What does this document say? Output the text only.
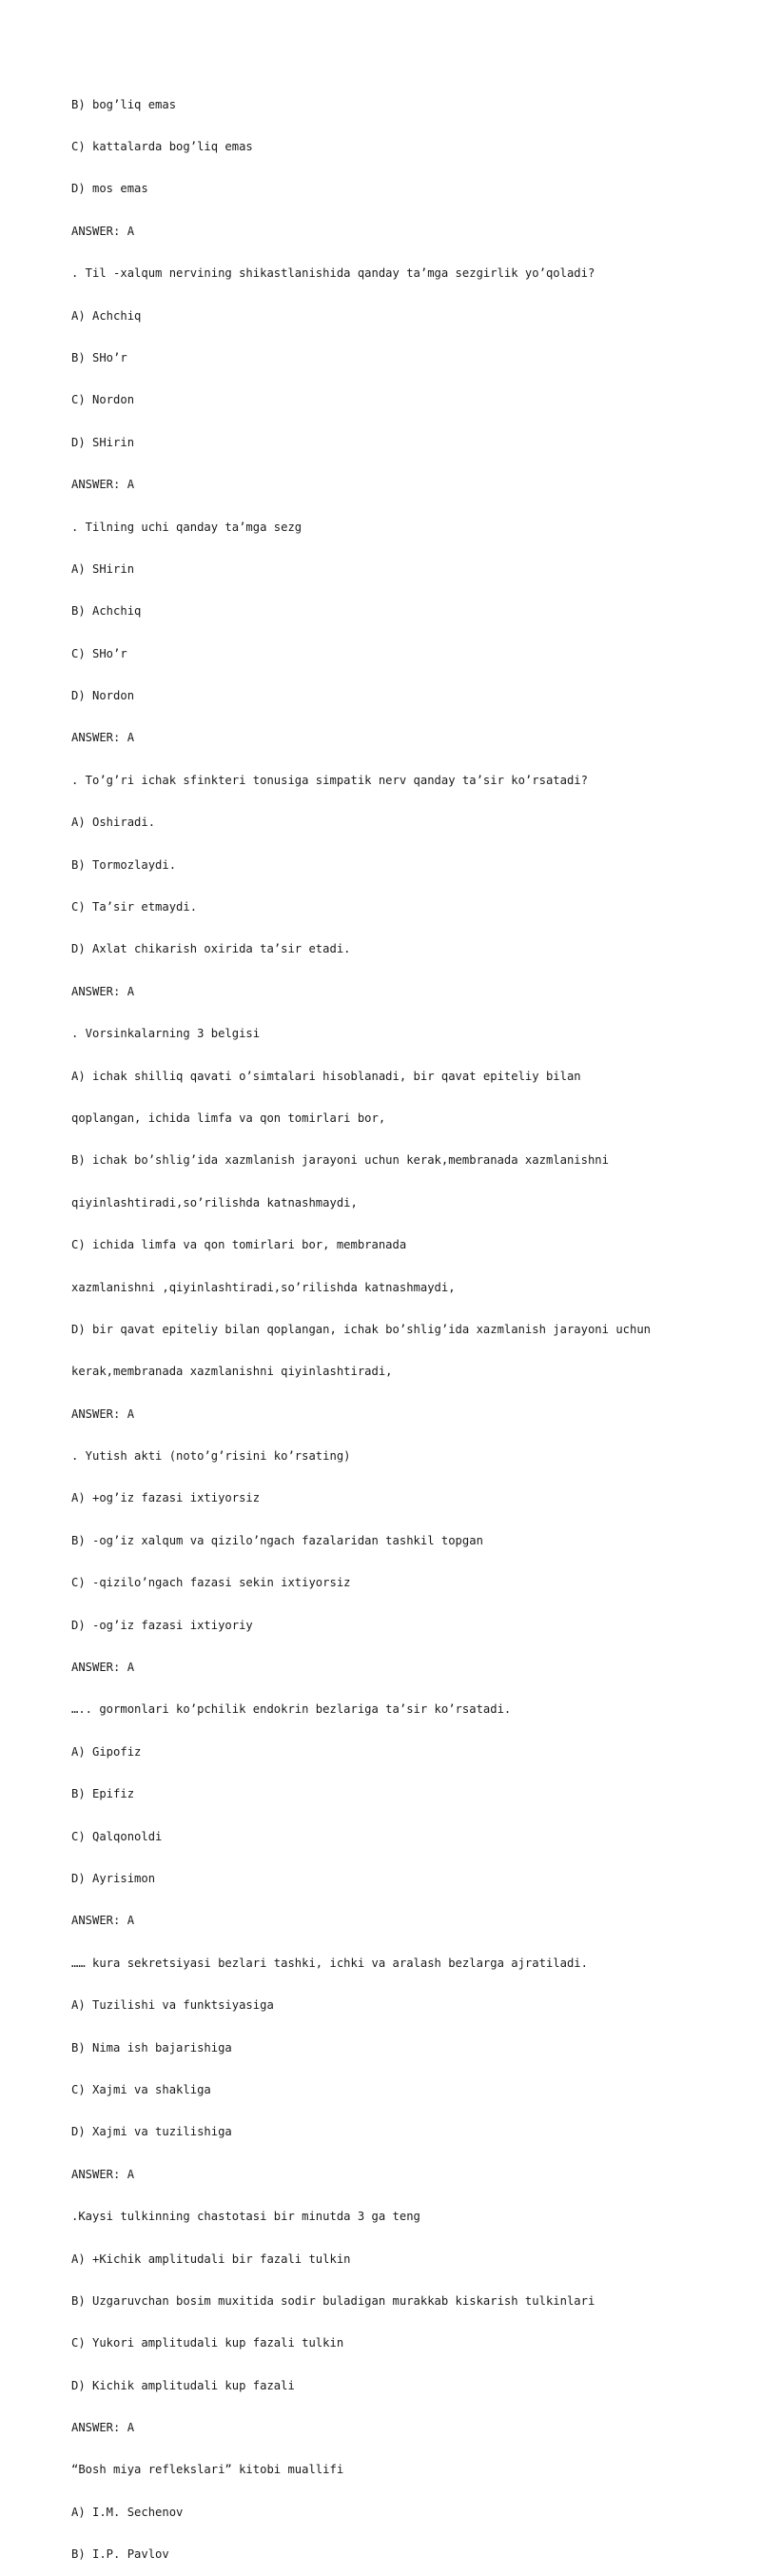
B) bog’liq emas

C) kattalarda bog’liq emas

D) mos emas

ANSWER: A

. Til -xalqum nervining shikastlanishida qanday ta’mga sezgirlik yo’qoladi?

A) Achchiq

B) SHo’r

C) Nordon

D) SHirin

ANSWER: A

. Tilning uchi qanday ta’mga sezg

A) SHirin

B) Achchiq

C) SHo’r

D) Nordon

ANSWER: A

. To’g’ri ichak sfinkteri tonusiga simpatik nerv qanday ta’sir ko’rsatadi?

A) Oshiradi.

B) Tormozlaydi.

C) Ta’sir etmaydi.

D) Axlat chikarish oxirida ta’sir etadi.

ANSWER: A

. Vorsinkalarning 3 belgisi

A) ichak shilliq qavati o’simtalari hisoblanadi, bir qavat epiteliy bilan

qoplangan, ichida limfa va qon tomirlari bor,

B) ichak bo’shlig’ida xazmlanish jarayoni uchun kerak,membranada xazmlanishni

qiyinlashtiradi,so’rilishda katnashmaydi,

C) ichida limfa va qon tomirlari bor, membranada

xazmlanishni ,qiyinlashtiradi,so’rilishda katnashmaydi,

D) bir qavat epiteliy bilan qoplangan, ichak bo’shlig’ida xazmlanish jarayoni uchun

kerak,membranada xazmlanishni qiyinlashtiradi,

ANSWER: A

. Yutish akti (noto’g’risini ko’rsating)

A) +og’iz fazasi ixtiyorsiz

B) -og’iz xalqum va qizilo’ngach fazalaridan tashkil topgan

C) -qizilo’ngach fazasi sekin ixtiyorsiz

D) -og’iz fazasi ixtiyoriy

ANSWER: A

….. gormonlari ko’pchilik endokrin bezlariga ta’sir ko’rsatadi.

A) Gipofiz

B) Epifiz

C) Qalqonoldi

D) Ayrisimon

ANSWER: A

…… kura sekretsiyasi bezlari tashki, ichki va aralash bezlarga ajratiladi.

A) Tuzilishi va funktsiyasiga

B) Nima ish bajarishiga

C) Xajmi va shakliga

D) Xajmi va tuzilishiga

ANSWER: A

.Kaysi tulkinning chastotasi bir minutda 3 ga teng

A) +Kichik amplitudali bir fazali tulkin

B) Uzgaruvchan bosim muxitida sodir buladigan murakkab kiskarish tulkinlari

C) Yukori amplitudali kup fazali tulkin

D) Kichik amplitudali kup fazali

ANSWER: A

“Bosh miya reflekslari” kitobi muallifi

A) I.M. Sechenov

B) I.P. Pavlov
